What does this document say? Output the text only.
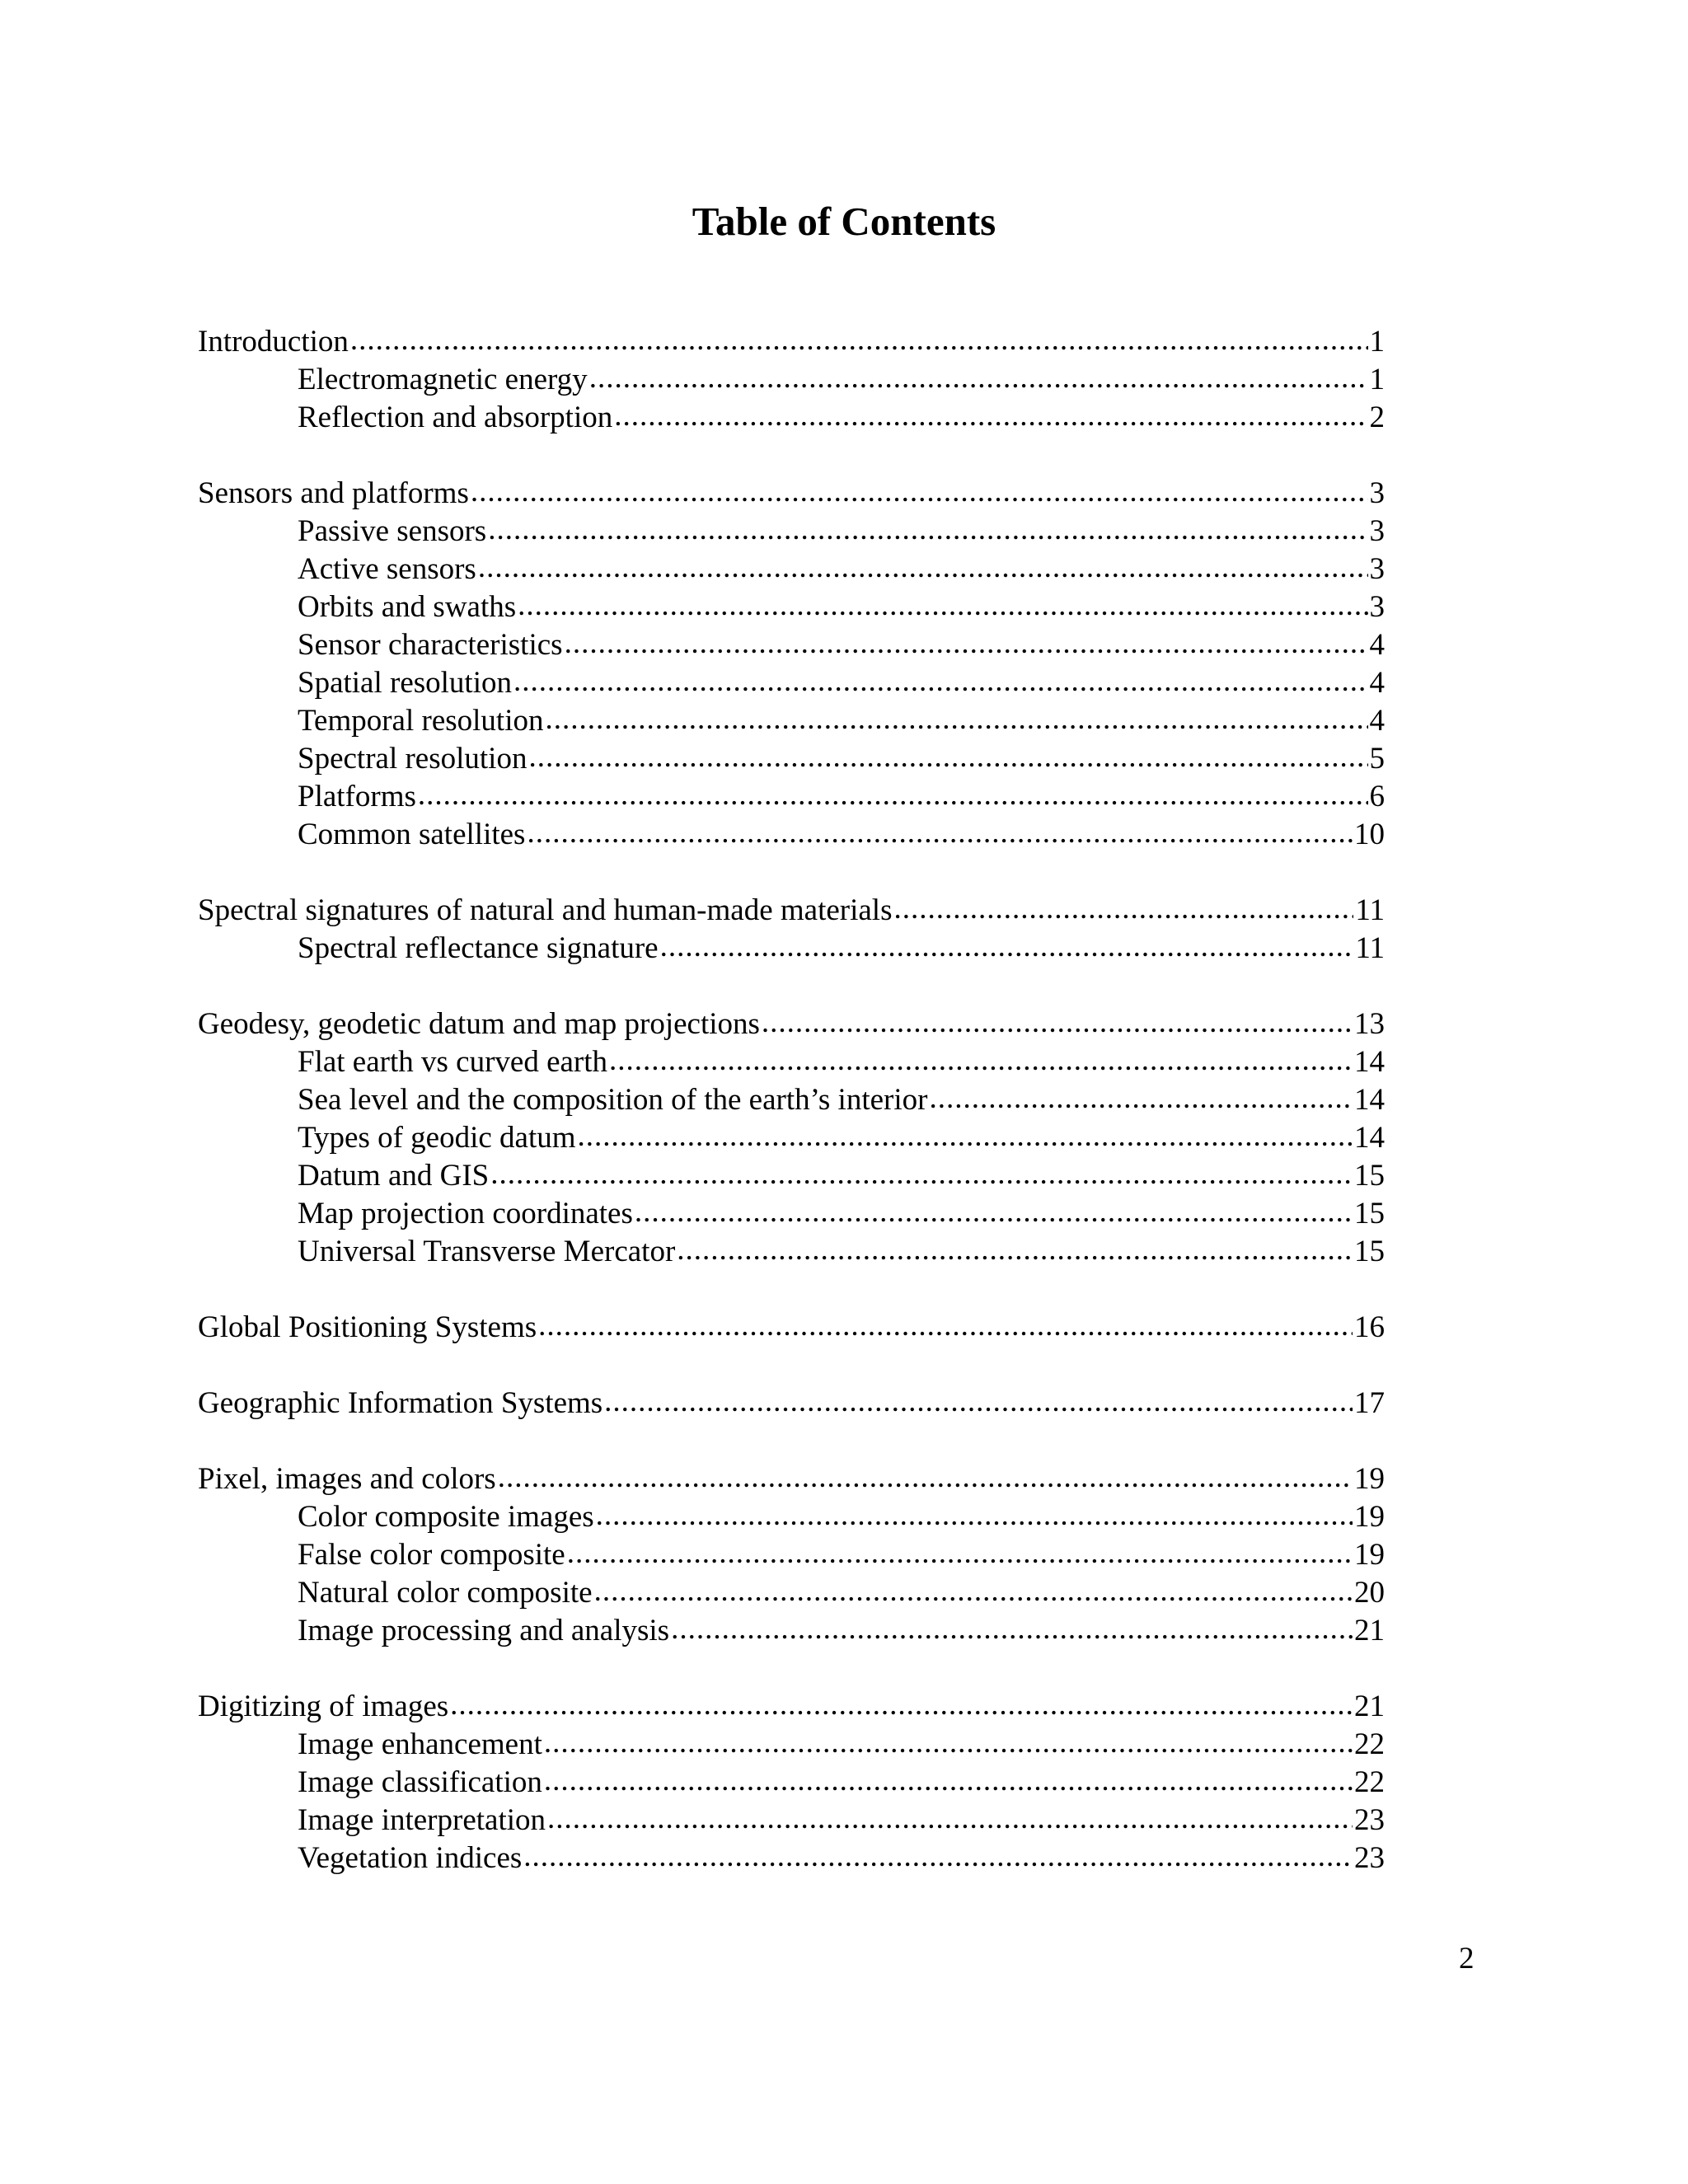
Table of Contents
Introduction .....	1
Electromagnetic energy .....	1
Reflection and absorption .....	2
Sensors and platforms .....	3
Passive sensors .....	3
Active sensors .....	3
Orbits and swaths .....	3
Sensor characteristics .....	4
Spatial resolution .....	4
Temporal resolution .....	4
Spectral resolution .....	5
Platforms .....	6
Common satellites .....	10
Spectral signatures of natural and human-made materials .....	11
Spectral reflectance signature .....	11
Geodesy, geodetic datum and map projections .....	13
Flat earth vs curved earth .....	14
Sea level and the composition of the earth’s interior .....	14
Types of geodic datum .....	14
Datum and GIS .....	15
Map projection coordinates .....	15
Universal Transverse Mercator .....	15
Global Positioning Systems .....	16
Geographic Information Systems .....	17
Pixel, images and colors .....	19
Color composite images .....	19
False color composite .....	19
Natural color composite .....	20
Image processing and analysis .....	21
Digitizing of images .....	21
Image enhancement .....	22
Image classification .....	22
Image interpretation .....	23
Vegetation indices .....	23
2
